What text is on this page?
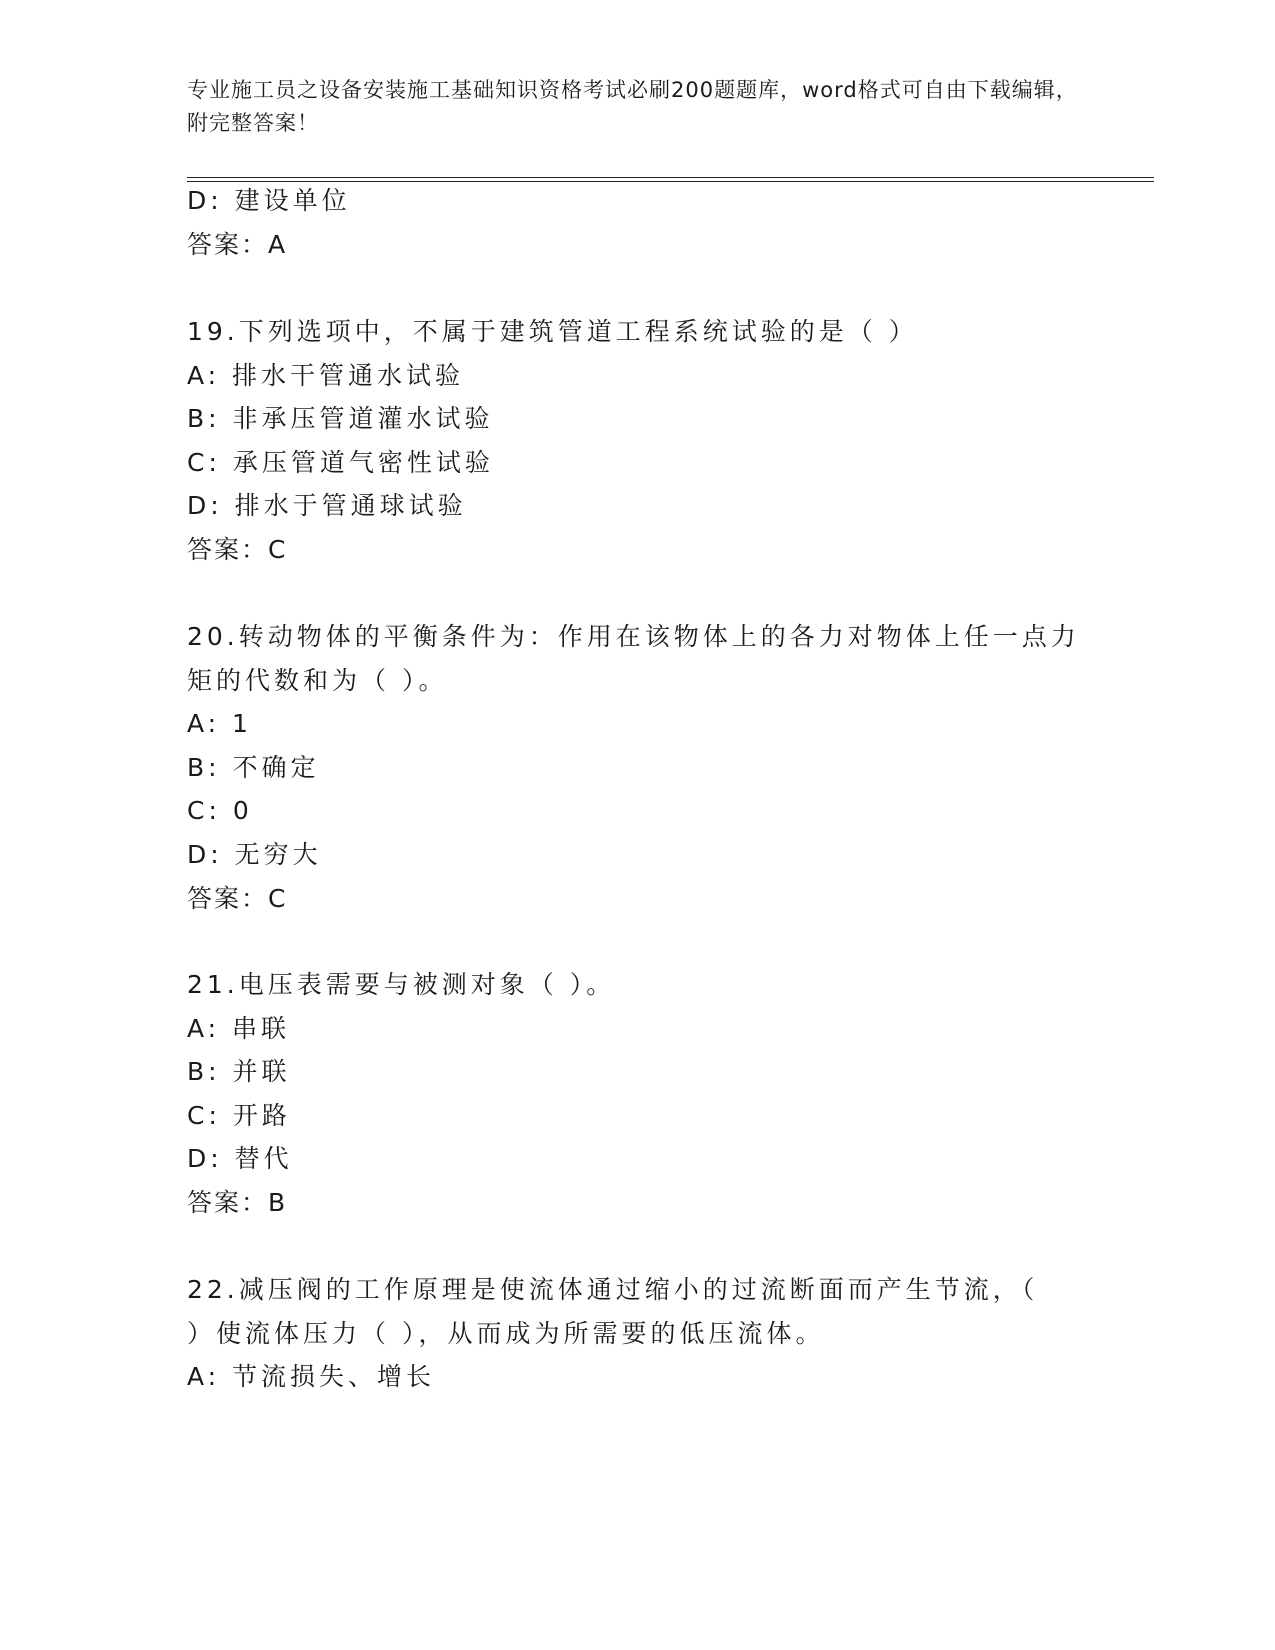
专业施工员之设备安装施工基础知识资格考试必刷200题题库，word格式可自由下载编辑，附完整答案！
D: 建设单位
答案：A
19.下列选项中，不属于建筑管道工程系统试验的是（ ）
A: 排水干管通水试验
B: 非承压管道灌水试验
C: 承压管道气密性试验
D: 排水于管通球试验
答案：C
20.转动物体的平衡条件为：作用在该物体上的各力对物体上任一点力
矩的代数和为（ ）。
A: 1
B: 不确定
C: 0
D: 无穷大
答案：C
21.电压表需要与被测对象（ ）。
A: 串联
B: 并联
C: 开路
D: 替代
答案：B
22.减压阀的工作原理是使流体通过缩小的过流断面而产生节流，（
）使流体压力（ ），从而成为所需要的低压流体。
A: 节流损失、增长
